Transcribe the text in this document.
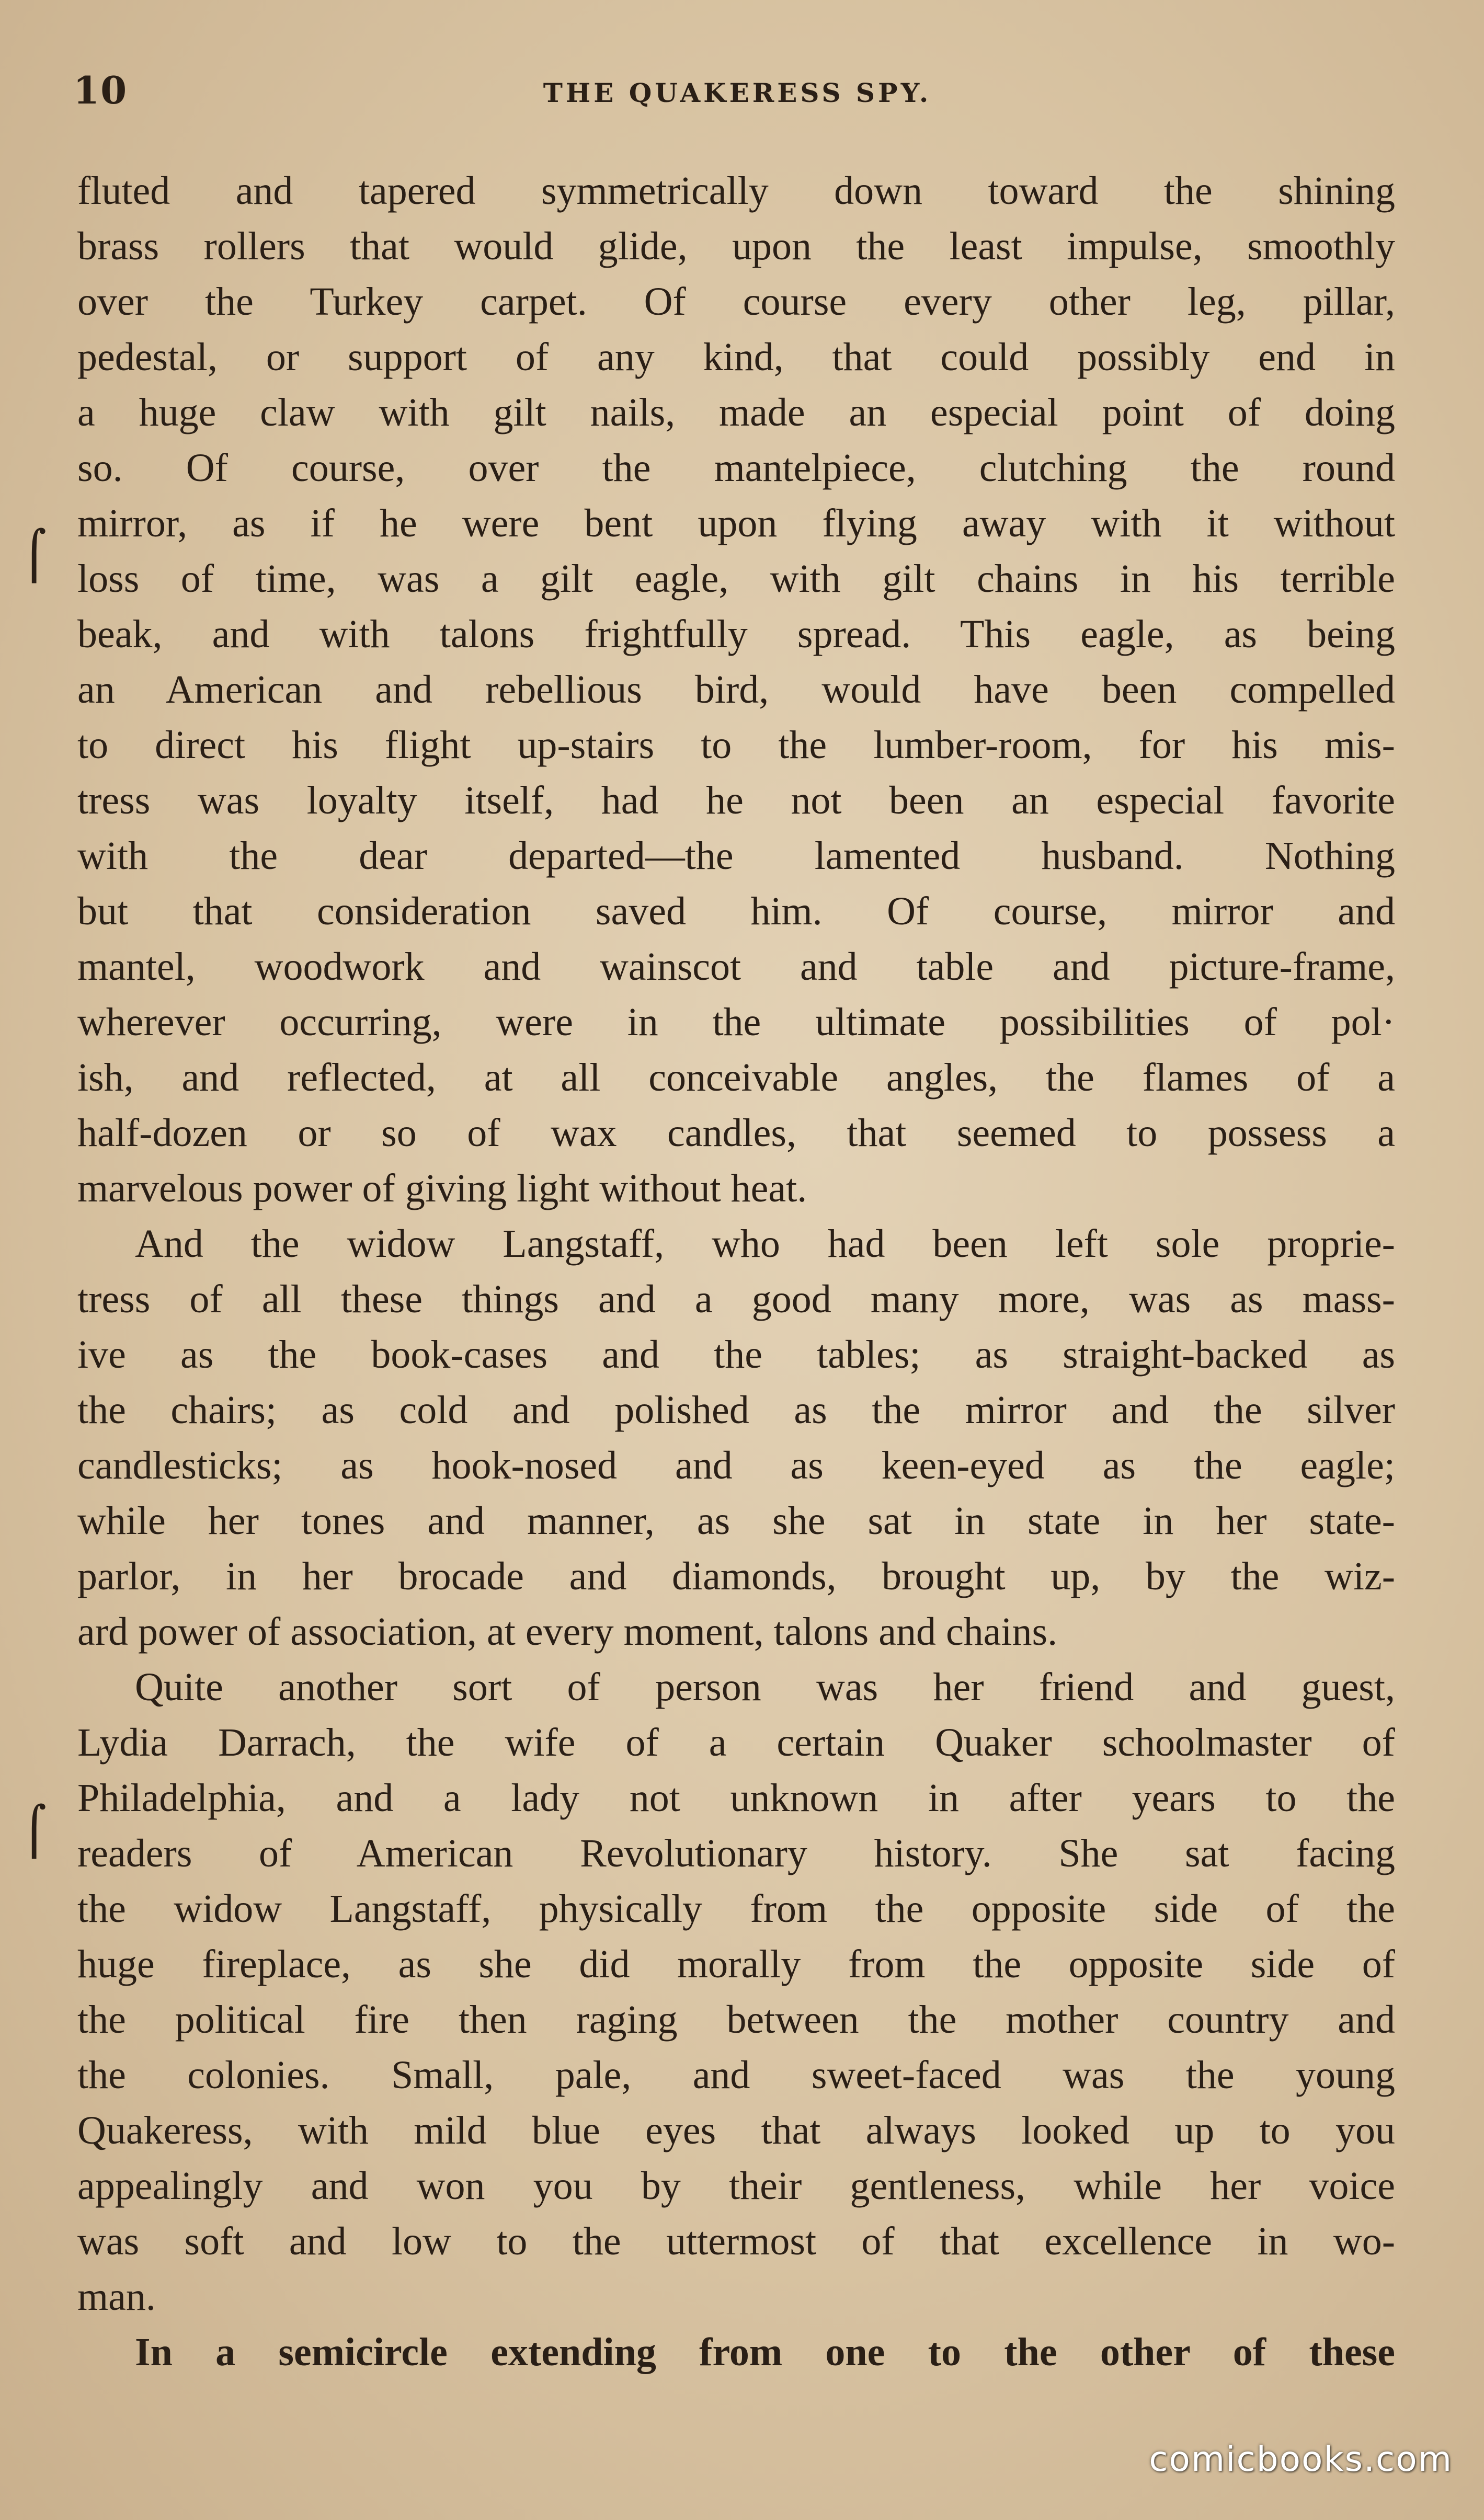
10	THE QUAKERESS SPY.
⌠
⌠
fluted and tapered symmetrically down toward the shining
brass rollers that would glide, upon the least impulse, smoothly
over the Turkey carpet. Of course every other leg, pillar,
pedestal, or support of any kind, that could possibly end in
a huge claw with gilt nails, made an especial point of doing
so. Of course, over the mantelpiece, clutching the round
mirror, as if he were bent upon flying away with it without
loss of time, was a gilt eagle, with gilt chains in his terrible
beak, and with talons frightfully spread. This eagle, as being
an American and rebellious bird, would have been compelled
to direct his flight up-stairs to the lumber-room, for his mis-
tress was loyalty itself, had he not been an especial favorite
with the dear departed—the lamented husband. Nothing
but that consideration saved him. Of course, mirror and
mantel, woodwork and wainscot and table and picture-frame,
wherever occurring, were in the ultimate possibilities of pol·
ish, and reflected, at all conceivable angles, the flames of a
half-dozen or so of wax candles, that seemed to possess a
marvelous power of giving light without heat.
And the widow Langstaff, who had been left sole proprie-
tress of all these things and a good many more, was as mass-
ive as the book-cases and the tables; as straight-backed as
the chairs; as cold and polished as the mirror and the silver
candlesticks; as hook-nosed and as keen-eyed as the eagle;
while her tones and manner, as she sat in state in her state-
parlor, in her brocade and diamonds, brought up, by the wiz-
ard power of association, at every moment, talons and chains.
Quite another sort of person was her friend and guest,
Lydia Darrach, the wife of a certain Quaker schoolmaster of
Philadelphia, and a lady not unknown in after years to the
readers of American Revolutionary history. She sat facing
the widow Langstaff, physically from the opposite side of the
huge fireplace, as she did morally from the opposite side of
the political fire then raging between the mother country and
the colonies. Small, pale, and sweet-faced was the young
Quakeress, with mild blue eyes that always looked up to you
appealingly and won you by their gentleness, while her voice
was soft and low to the uttermost of that excellence in wo-
man.
In a semicircle extending from one to the other of these
comicbooks.com
